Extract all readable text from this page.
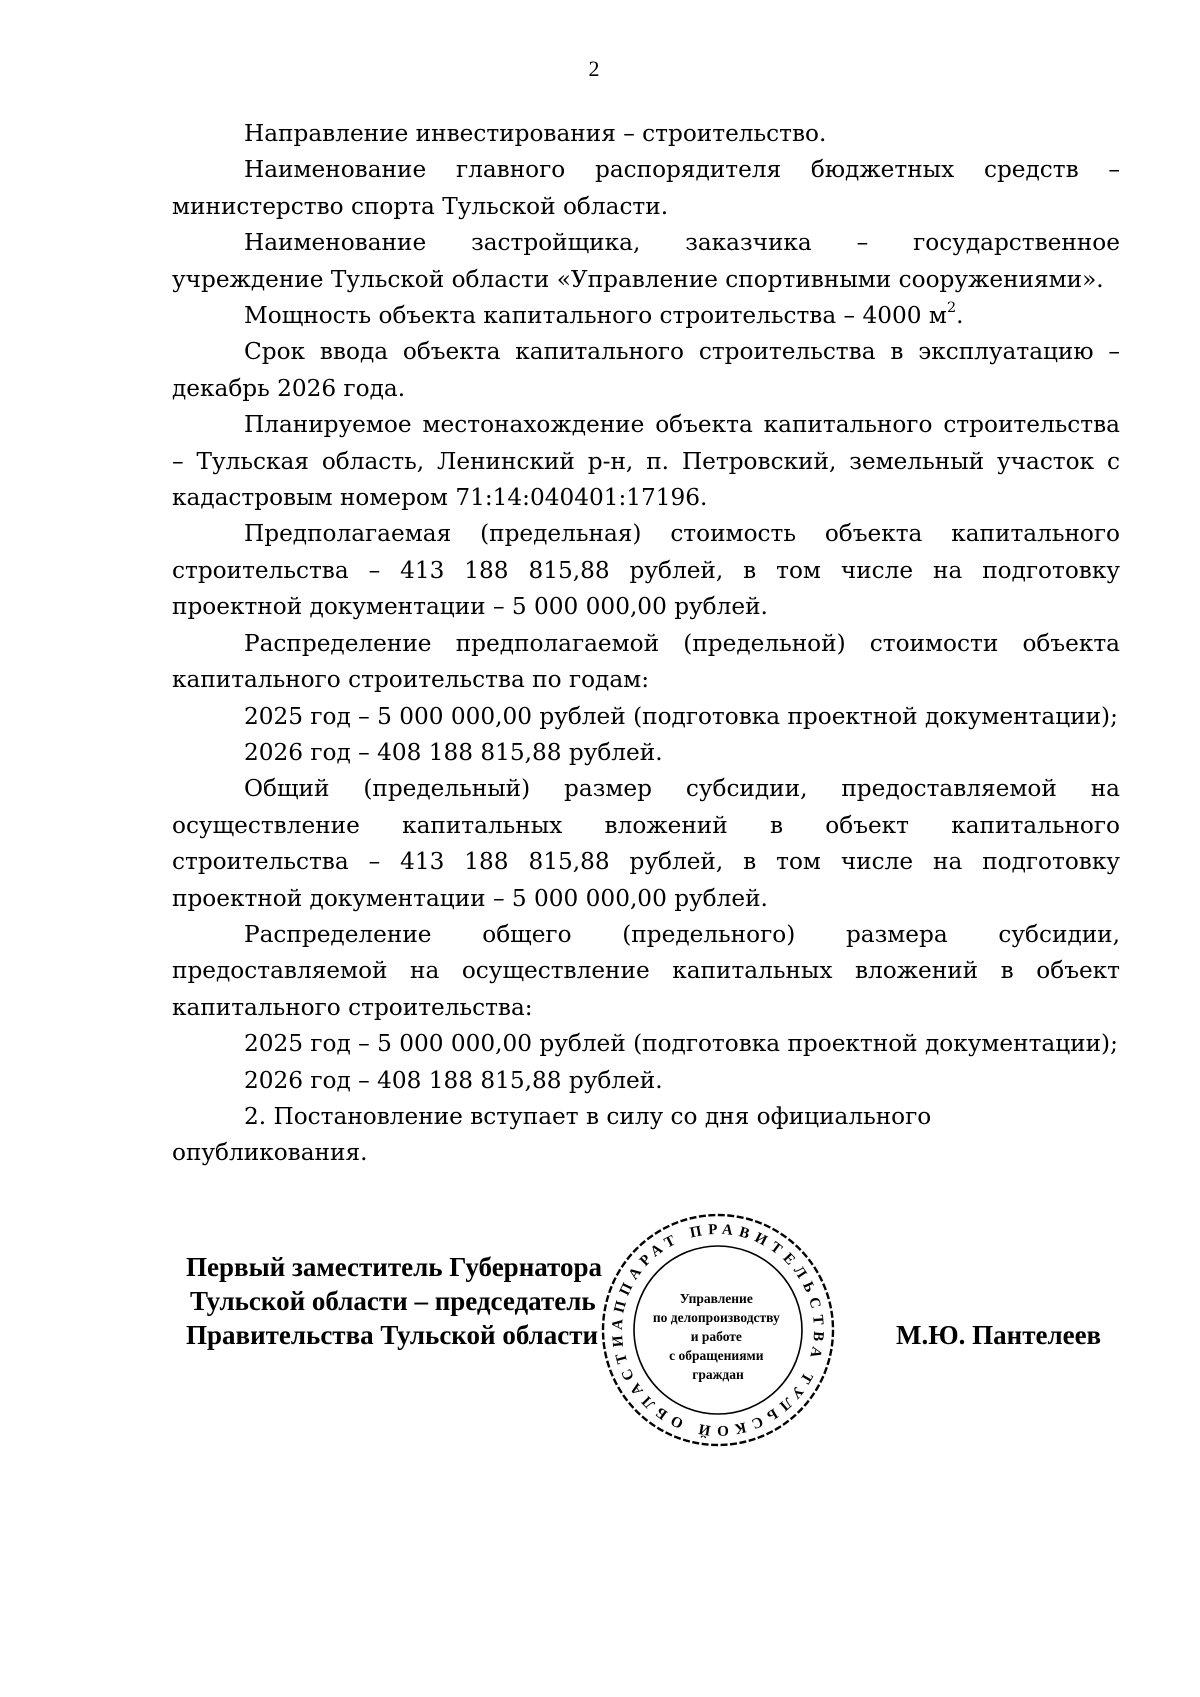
2

Направление инвестирования – строительство.

Наименование главного распорядителя бюджетных средств – министерство спорта Тульской области.

Наименование застройщика, заказчика – государственное учреждение Тульской области «Управление спортивными сооружениями».

Мощность объекта капитального строительства – 4000 $м^2$.

Срок ввода объекта капитального строительства в эксплуатацию – декабрь 2026 года.

Планируемое местонахождение объекта капитального строительства – Тульская область, Ленинский р-н, п. Петровский, земельный участок с кадастровым номером 71:14:040401:17196.

Предполагаемая (предельная) стоимость объекта капитального строительства – 413 188 815,88 рублей, в том числе на подготовку проектной документации – 5 000 000,00 рублей.

Распределение предполагаемой (предельной) стоимости объекта капитального строительства по годам:

2025 год – 5 000 000,00 рублей (подготовка проектной документации);

2026 год – 408 188 815,88 рублей.

Общий (предельный) размер субсидии, предоставляемой на осуществление капитальных вложений в объект капитального строительства – 413 188 815,88 рублей, в том числе на подготовку проектной документации – 5 000 000,00 рублей.

Распределение общего (предельного) размера субсидии, предоставляемой на осуществление капитальных вложений в объект капитального строительства:

2025 год – 5 000 000,00 рублей (подготовка проектной документации);

2026 год – 408 188 815,88 рублей.

2. Постановление вступает в силу со дня официального опубликования.

Первый заместитель Губернатора
Тульской области – председатель
Правительства Тульской области АППАРАТ ПРАВИТЕЛЬСТВА ТУЛЬСКОЙ ОБЛАСТИ
Управление по делопроизводству и работе с обращениями граждан
М.Ю. Пантелеев
